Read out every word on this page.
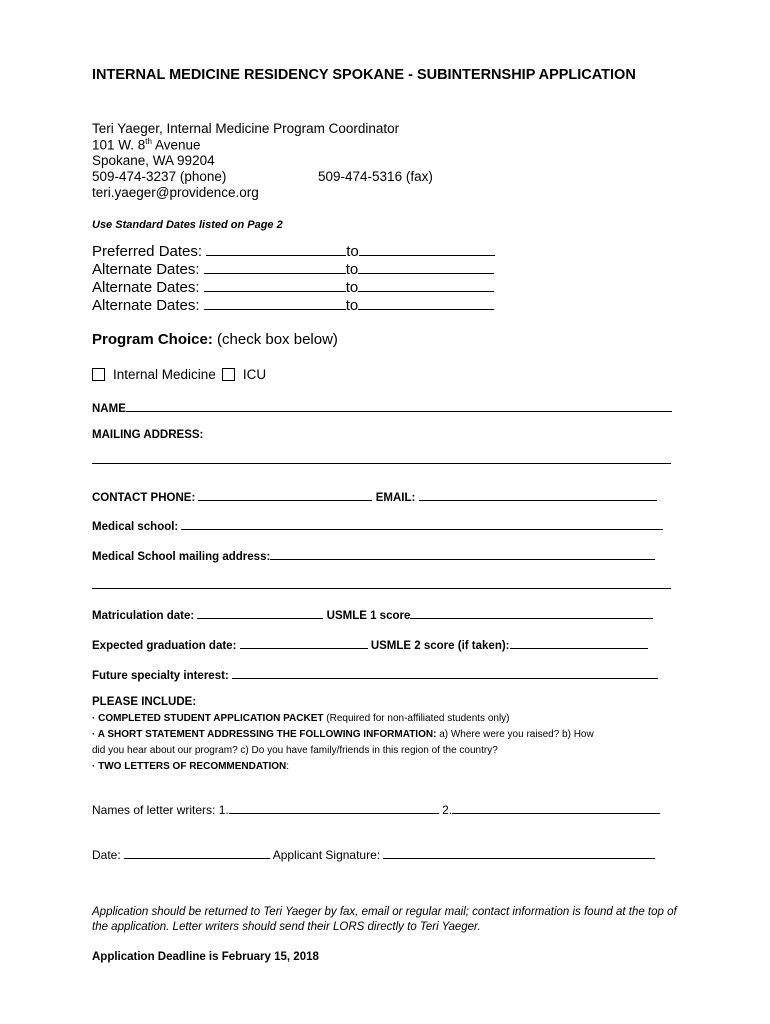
INTERNAL MEDICINE RESIDENCY SPOKANE - SUBINTERNSHIP APPLICATION
Teri Yaeger, Internal Medicine Program Coordinator
101 W. 8th Avenue
Spokane, WA 99204
509-474-3237 (phone)	509-474-5316 (fax)
teri.yaeger@providence.org
Use Standard Dates listed on Page 2
Preferred Dates:	to
Alternate Dates:	to
Alternate Dates:	to
Alternate Dates:	to
Program Choice: (check box below)
Internal Medicine ICU
NAME
MAILING ADDRESS:
CONTACT PHONE:	EMAIL:
Medical school:
Medical School mailing address:
Matriculation date:	USMLE 1 score
Expected graduation date:	USMLE 2 score (if taken):
Future specialty interest:
PLEASE INCLUDE:
· COMPLETED STUDENT APPLICATION PACKET (Required for non-affiliated students only)
· A SHORT STATEMENT ADDRESSING THE FOLLOWING INFORMATION: a) Where were you raised? b) How
did you hear about our program? c) Do you have family/friends in this region of the country?
· TWO LETTERS OF RECOMMENDATION:
Names of letter writers: 1.	2.
Date:	Applicant Signature:
Application should be returned to Teri Yaeger by fax, email or regular mail; contact information is found at the top of the application. Letter writers should send their LORS directly to Teri Yaeger.
Application Deadline is February 15, 2018
